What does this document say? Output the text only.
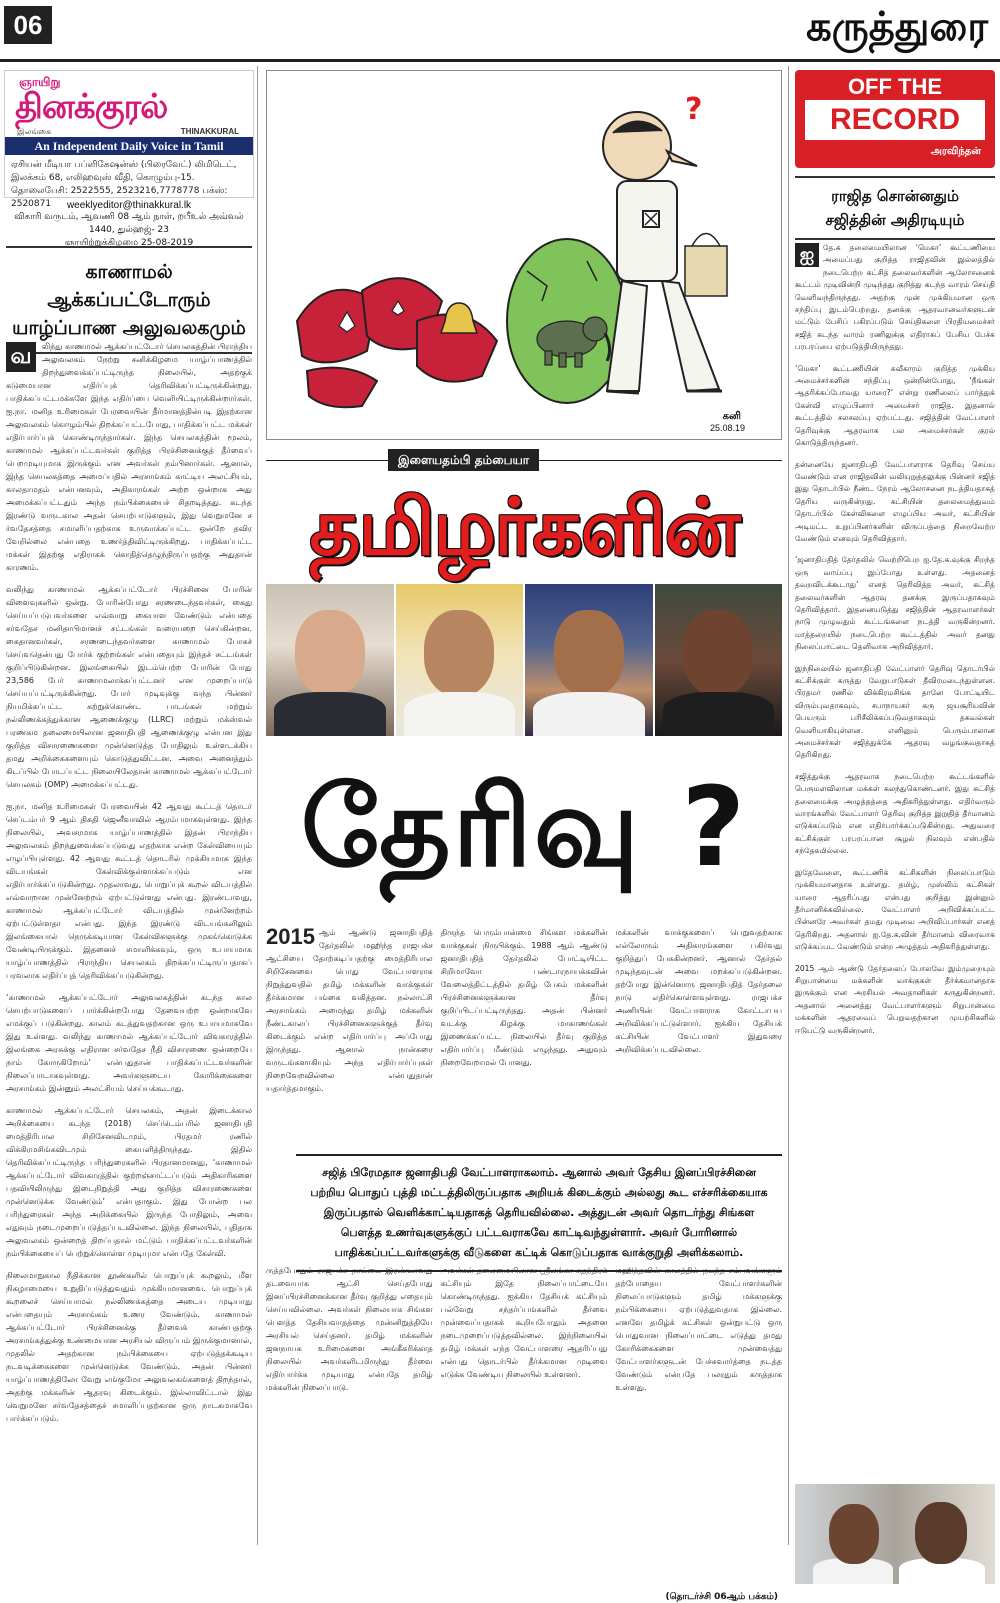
06	கருத்துரை
ஞாயிறு
தினக்குரல்
இலங்கை	THINAKKURAL
An Independent Daily Voice in Tamil
ஏசியன் மீடியா பப்ளிகேஷன்ஸ் (பிரைவேட்) லிமிடெட்,
இலக்கம் 68, எலிஹவுஸ் வீதி, கொழும்பு-15.
தொலைபேசி: 2522555, 2523216,7778778 பக்ஸ்: 2520871	weeklyeditor@thinakkural.lk
விகாரி வருடம், ஆவணி 08 ஆம் நாள், றபீஉல் அவ்வல் 1440, துல்ஹஜ்- 23
ஞாயிற்றுக்கிழமை 25-08-2019
காணாமல் ஆக்கப்பட்டோரும்
யாழ்ப்பாண அலுவலகமும்
வ	லிந்து காணாமல் ஆக்கப்பட்டோர் செயலகத்தின் பிராந்திய அலுவலகம் நேற்று சனிக்கிழமை யாழ்ப்பாணத்தில் திறந்துவைக்கப்பட்டிருந்த நிலையில், அதற்குக் கடுமையான எதிர்ப்புக் தெரிவிக்கப்பட்டிருக்கின்றது. பாதிக்கப்பட்டமக்களே இந்த எதிர்ப்பை வெளியிட்டிருக்கின்றார்கள். ஐ.நா. மனித உரிமைகள் பேரவையின் தீர்மானத்தின்படி இதற்கான அலுவலகம் கொழும்பில் திறக்கப்பட்டபோது, பாதிக்கப்பட்ட மக்கள் எதிர்பார்ப்புக் கொண்டிருந்தார்கள். இந்த செயலகத்தின் மூலம், காணாமல் ஆக்கப்பட்டவர்கள் குறித்த பிரச்சினைக்குத் தீர்வைப் பெறமுடியுமாக இருக்கும் என அவர்கள் நம்பினார்கள். ஆனால், இந்த செயலகத்தை அமைப்பதில் அரசாங்கம் காட்டிய அலட்சியம், காலதாமதம் என்பனவும், அதிகாரங்கள் அற்ற ஒன்றாக அது அமைக்கப்பட்டதும் அந்த நம்பிக்கையைச் சிதறடித்தது. கடந்த இரண்டு வருடகால அதன் செயற்பாடுகளும், இது வெறுமனே ச ர்வதேசத்தை சமாளிப்பதற்காக உருவாக்கப்பட்ட ஒன்றே தவிர வேறில்லை என்பதை உணர்த்திவிட்டிருக்கிறது. பாதிக்கப்பட்ட மக்கள் இதற்கு எதிராகக் கொதித்தெழுந்திருப்பதற்கு அதுதான் காரணம்.

வலிந்து காணாமல் ஆக்கப்பட்டோர் பிரச்சினை போரின் விளைவுகளில் ஒன்று. போரின்போது சரணடைந்தவர்கள், கைது செய்யப்படுபவர்களை எவ்வாறு கையாள வேண்டும் என்பதை சர்வதேச மனிதாபிமானச் சட்டங்கள் வரையறை செய்கின்றன. கைதானவர்கள், சரணடைந்தவர்களை காணாமல் போகச் செய்வதென்பது போர்க் குற்றங்கள் என்பதையும் இந்தச் சட்டங்கள் குறிப்பிடுகின்றன. இலங்கையில் இடம்பெற்ற போரின் போது 23,586 பேர் காணாமலாக்கப்பட்டனர் என முறைப்பாடு செய்யப்பட்டிருக்கின்றது. போர் முடிவுக்கு வந்த பின்னர் நியமிக்கப்பட்ட கற்றுக்கொண்ட பாடங்கள் மற்றும் நல்லிணக்கத்துக்கான ஆணைக்குழு (LLRC) மற்றும் மக்ஸ்வல் பரணகம தலைமையிலான ஜனாதிபதி ஆணைக்குழு என்பன இது குறித்த விசாரணைகளை முன்னெடுத்த போதிலும் உள்ளடக்கிய தமது அறிக்கைகளையும் கொடுத்துவிட்டன. அவை அனைத்தும் கிடப்பில் போடப்பட்ட நிலையிலேதான் காணாமல் ஆக்கப்பட்டோர் செயலகம் (OMP) அமைக்கப்பட்டது.

ஐ.நா. மனித உரிமைகள் பேரவையின் 42 ஆவது கூட்டத் தொடர் செப்டம்பர் 9 ஆம் திகதி ஜெனீவாவில் ஆரம்பமாகவுள்ளது. இந்த நிலையில், அவசரமாக யாழ்ப்பாணத்தில் இதன் பிராந்திய அலுவலகம் திறந்துவைக்கப்படுவது எதற்காக என்ற கேள்வியையும் எழுப்பியுள்ளது. 42 ஆவது கூட்டத் தொடரில் முக்கியமாக இந்த விடயங்கள் கேள்விக்குள்ளாக்கப்படும் என எதிர்பார்க்கப்படுகின்றது. முதலாவது, பொறுப்புக் கூறல் விடயத்தில் எவ்வாறான முன்னேற்றம் ஏற்பட்டுள்ளது என்பது. இரண்டாவது, காணாமல் ஆக்கப்பட்டோர் விடயத்தில் முன்னேற்றம் ஏற்பட்டுள்ளதா என்பது. இந்த இரண்டு விடயங்களிலும் இலங்கையால் நெருக்கடியான கேள்விகளுக்கு முகங்கொடுக்க வேண்டியிருக்கும். இதனைச் சமாளிக்கவும், ஒரு உபாயமாக யாழ்ப்பாணத்தில் பிராந்திய செயலகம் திறக்கப்பட்டிருப்பதாகப் பரவலாக எதிர்ப்புத் தெரிவிக்கப்படுகின்றது.

‘காணாமல் ஆக்கப்பட்டோர் அலுவலகத்தின் கடந்த கால செயற்பாடுகளைப் பார்க்கின்றபோது தேவையற்ற ஒன்றாகவே எமக்குப் படுகின்றது. காலம் கடத்துவதற்கான ஒரு உபாயமாகவே இது உள்ளது. வலிந்து காணாமல் ஆக்கப்பட்டோர் விவகாரத்தில் இலங்கை அரசுக்கு எதிரான சர்வதேச நீதி விசாரணை ஒன்றையே நாம் கோருகிறோம்’ என்பதுதான் பாதிக்கப்பட்டவர்களின் நிலைப்பாடாகவுள்ளது. அவர்களுடைய கோரிக்கைகளை அரசாங்கம் இன்னும் அலட்சியம் செய்யக்கூடாது.

காணாமல் ஆக்கப்பட்டோர் செயலகம், அதன் இடைக்கால அறிக்கையை கடந்த (2018) செப்டெம்பரில் ஜனாதிபதி மைத்திரிபால சிறிசேனவிடமும், பிரதமர் ரணில் விக்கிரமசிங்கவிடமும் கையளித்திருந்தது. இதில் தெரிவிக்கப்பட்டிருந்த பரிந்துரைகளில் பிரதானமானது, ‘காணாமல் ஆக்கப்பட்டோர் விவகாரத்தில் குற்றஞ்சாட்டப்படும் அதிகாரிகளை பதவியிலிருந்து இடைநிறுத்தி அது குறித்த விசாரணைகளை முன்னெடுக்க வேண்டும்’ என்பதாகும். இது போன்ற பல பரிந்துரைகள் அந்த அறிக்கையில் இருந்த போதிலும், அவை எதுவும் நடைமுறைப்படுத்தப்படவில்லை. இந்த நிலையில், புதிதாக அலுவலகம் ஒன்றைத் திறப்பதால் மட்டும் பாதிக்கப்பட்டவர்களின் நம்பிக்கையைப் பெற்றுக்கொள்ள முடியுமா என்பதே கேள்வி.

நிலைமாறுகால நீதிக்கான தூண்களில் பொறுப்புக் கூறலும், மீள நிகழாமையை உறுதிப்படுத்துவதும் முக்கியமானவை. பொறுப்புக் கூறலைச் செய்யாமல் நல்லிணக்கத்தை அடைய முடியாது என்பதையும் அரசாங்கம் உணர வேண்டும். காணாமல் ஆக்கப்பட்டோர் பிரச்சினைக்கு தீர்வைக் காண்பதற்கு அரசாங்கத்துக்கு உண்மையான அரசியல் விருப்பம் இருக்குமானால், முதலில் அதற்கான நம்பிக்கையை ஏற்படுத்தக்கூடிய நடவடிக்கைகளை முன்னெடுக்க வேண்டும். அதன் பின்னர் யாழ்ப்பாணத்திலோ வேறு எங்குமோ அலுவலகங்களைத் திறந்தால், அதற்கு மக்களின் ஆதரவு கிடைக்கும். இல்லாவிட்டால் இது வெறுமனே சர்வதேசத்தைச் சமாளிப்பதற்கான ஒரு நாடகமாகவே பார்க்கப்படும்.

?
கனி
25.08.19
இளையதம்பி தம்பையா
தமிழர்களின்
தேரிவு ?
2015 ஆம் ஆண்டு ஜனாதிபதித் தேர்தலில் மஹிந்த ராஜபக்ச ஆட்சியை தோற்கடிப்பதற்கு மைத்திரிபால சிறிசேனவை பொது வேட்பாளராக நிறுத்துவதில் தமிழ் மக்களின் வாக்குகள் தீர்க்கமான பங்கை வகித்தன. நல்லாட்சி அரசாங்கம் அமைந்து தமிழ் மக்களின் நீண்டகாலப் பிரச்சினைகளுக்குத் தீர்வு கிடைக்கும் என்ற எதிர்பார்ப்பு அப்போது இருந்தது. ஆனால் நான்கரை வருடங்களாகியும் அந்த எதிர்பார்ப்புகள் நிறைவேறவில்லை என்பதுதான் யதார்த்தமாகும்.
திருந்த பெரும்பான்மை சிங்கள மக்களின் வாக்குகள் நிருபிக்கும். 1988 ஆம் ஆண்டு ஜனாதிபதித் தேர்தலில் போட்டியிட்ட சிறிமாவோ பண்டாரநாயக்கவின் வேலைத்திட்டத்தில் தமிழ் பேசும் மக்களின் பிரச்சினைகளுக்கான தீர்வு குறிப்பிடப்பட்டிருந்தது. அதன் பின்னர் வடக்கு கிழக்கு மாகாணங்கள் இணைக்கப்பட்ட நிலையில் தீர்வு குறித்த எதிர்பார்ப்பு மீண்டும் எழுந்தது. அதுவும் நிறைவேறாமல் போனது.
மக்களின் வாக்குகளைப் பெறுவதற்காக எல்லோரும் அதிகாரங்களை பகிர்வது குறித்துப் பேசுகின்றனர். ஆனால் தேர்தல் முடிந்தவுடன் அவை மறக்கப்படுகின்றன. தற்போது இன்னொரு ஜனாதிபதித் தேர்தலை நாடு எதிர்கொள்ளவுள்ளது. ராஜபக்ச அணியின் வேட்பாளராக கோட்டாபய அறிவிக்கப்பட்டுள்ளார். ஐக்கிய தேசியக் கட்சியின் வேட்பாளர் இதுவரை அறிவிக்கப்படவில்லை.
சஜித் பிரேமதாச ஜனாதிபதி வேட்பாளராகலாம். ஆனால் அவர் தேசிய இனப்பிரச்சினை பற்றிய பொதுப் புத்தி மட்டத்திலிருப்பதாக அறியக் கிடைக்கும் அல்லது கூட எச்சரிக்கையாக இருப்பதால் வெளிக்காட்டியதாகத் தெரியவில்லை. அத்துடன் அவர் தொடர்ந்து சிங்கள பௌத்த உணர்வுகளுக்குப் பட்டவராகவே காட்டிவந்துள்ளார். அவர் போரினால் பாதிக்கப்பட்டவர்களுக்கு வீடுகளை கட்டிக் கொடுப்பதாக வாக்குறுதி அளிக்கலாம்.
ருத்தபோதும் ராஜபக்ச நாட்டை இரண்டாவது தடவையாக ஆட்சி செய்தபோது இனப்பிரச்சினைக்கான தீர்வு குறித்து எதையும் செய்யவில்லை. அவர்கள் நிலையாக சிங்கள பௌத்த தேசியவாதத்தை முன்னிறுத்தியே அரசியல் செய்தனர். தமிழ் மக்களின் ஜனநாயக உரிமைகளை அங்கீகரிக்காத நிலையில் அவர்களிடமிருந்து தீர்வை எதிர்பார்க்க முடியாது என்பதே தமிழ் மக்களின் நிலைப்பாடு.
அவர்கள் தலைமையிலான ஸ்ரீலங்கா சுதந்திரக் கட்சியும் இதே நிலைப்பாட்டையே கொண்டிருந்தது. ஐக்கிய தேசியக் கட்சியும் பல்வேறு சந்தர்ப்பங்களில் தீர்வை முன்வைப்பதாகக் கூறியபோதும் அதனை நடைமுறைப்படுத்தவில்லை. இந்நிலையில் தமிழ் மக்கள் எந்த வேட்பாளரை ஆதரிப்பது என்பது தொடர்பில் தீர்க்கமான முடிவை எடுக்க வேண்டிய நிலையில் உள்ளனர்.
மஹிந்தவின் காலத்தில் நடந்த சம்பவங்களும் தற்போதைய வேட்பாளர்களின் நிலைப்பாடுகளும் தமிழ் மக்களுக்கு நம்பிக்கையை ஏற்படுத்துவதாக இல்லை. எனவே தமிழ்க் கட்சிகள் ஒன்றுபட்டு ஒரு பொதுவான நிலைப்பாட்டை எடுத்து தமது கோரிக்கைகளை முன்வைத்து வேட்பாளர்களுடன் பேச்சுவார்த்தை நடத்த வேண்டும் என்பதே பலரதும் கருத்தாக உள்ளது.
(தொடர்ச்சி 06ஆம் பக்கம்)
OFF THE
RECORD
அரவிந்தன்
ராஜித சொன்னதும்
சஜித்தின் அதிரடியும்
ஐ	தே.க தலைமையிலான ‘மெகா’ கூட்டணியை அமைப்பது குறித்த ராஜிதவின் இல்லத்தில் நடைபெற்ற கட்சித் தலைவர்களின் ஆலோசனைக் கூட்டம் முடிவின்றி முடிந்தது குறித்து கடந்த வாரம் செய்தி வெளிவந்திருந்தது. அதற்கு முன் முக்கியமான ஒரு சந்திப்பு இடம்பெற்றது. தனக்கு ஆதரவானவர்களுடன் மட்டும் பேசிப் பகிரப்படும் செய்திகளை பிரதியமைச்சர் சஜித் கடந்த வாரம் ரணிலுக்கு எதிராகப் பேசிய பேச்சு பரபரப்பை ஏற்படுத்தியிருந்தது.

‘மெகா’ கூட்டணியின் சுவீகாரம் குறித்த முக்கிய அமைச்சர்களின் சந்திப்பு ஒன்றின்போது, ‘நீங்கள் ஆதரிக்கப்போவது யாரை?’ என்று ரணிலைப் பார்த்துக் கேள்வி எழுப்பினார் அமைச்சர் ராஜித. இதனால் கூட்டத்தில் சலசலப்பு ஏற்பட்டது. சஜித்தின் வேட்பாளர் தெரிவுக்கு ஆதரவாக பல அமைச்சர்கள் குரல் கொடுத்திருந்தனர்.

தன்னையே ஜனாதிபதி வேட்பாளராக தெரிவு செய்ய வேண்டும் என ராஜிதவின் வலியுறுத்தலுக்கு பின்னர் சஜித் இது தொடர்பில் நீண்ட நேரம் ஆலோசனை நடத்தியதாகத் தெரிய வருகின்றது. கட்சியின் தலைமைத்துவம் தொடர்பில் கேள்விகளை எழுப்பிய அவர், கட்சியின் அடிமட்ட உறுப்பினர்களின் விருப்பத்தை நிறைவேற்ற வேண்டும் எனவும் தெரிவித்தார்.

‘ஜனாதிபதித் தேர்தலில் வெற்றிபெற ஐ.தே.க.வுக்கு சிறந்த ஒரு வாய்ப்பு இப்போது உள்ளது. அதனைத் தவறவிடக்கூடாது’ எனத் தெரிவித்த அவர், கட்சித் தலைவர்களின் ஆதரவு தனக்கு இருப்பதாகவும் தெரிவித்தார். இதனையடுத்து சஜித்தின் ஆதரவாளர்கள் நாடு முழுவதும் கூட்டங்களை நடத்தி வருகின்றனர். மாத்தறையில் நடைபெற்ற கூட்டத்தில் அவர் தனது நிலைப்பாட்டை தெளிவாக அறிவித்தார்.

இந்நிலையில் ஜனாதிபதி வேட்பாளர் தெரிவு தொடர்பில் கட்சிக்குள் கருத்து வேறுபாடுகள் தீவிரமடைந்துள்ளன. பிரதமர் ரணில் விக்கிரமசிங்க தானே போட்டியிட விரும்புவதாகவும், சபாநாயகர் கரு ஜயசூரியவின் பெயரும் பரிசீலிக்கப்படுவதாகவும் தகவல்கள் வெளியாகியுள்ளன. எனினும் பெரும்பாலான அமைச்சர்கள் சஜித்துக்கே ஆதரவு வழங்குவதாகத் தெரிகிறது.

சஜித்துக்கு ஆதரவாக நடைபெற்ற கூட்டங்களில் பெருமளவிலான மக்கள் கலந்துகொண்டனர். இது கட்சித் தலைமைக்கு அழுத்தத்தை அதிகரித்துள்ளது. எதிர்வரும் வாரங்களில் வேட்பாளர் தெரிவு குறித்த இறுதித் தீர்மானம் எடுக்கப்படும் என எதிர்பார்க்கப்படுகின்றது. அதுவரை கட்சிக்குள் பரபரப்பான சூழல் நிலவும் என்பதில் சந்தேகமில்லை.

இதேவேளை, கூட்டணிக் கட்சிகளின் நிலைப்பாடும் முக்கியமானதாக உள்ளது. தமிழ், முஸ்லிம் கட்சிகள் யாரை ஆதரிப்பது என்பது குறித்து இன்னும் தீர்மானிக்கவில்லை. வேட்பாளர் அறிவிக்கப்பட்ட பின்னரே அவர்கள் தமது முடிவை அறிவிப்பார்கள் எனத் தெரிகிறது. அதனால் ஐ.தே.க.வின் தீர்மானம் விரைவாக எடுக்கப்பட வேண்டும் என்ற அழுத்தம் அதிகரித்துள்ளது.

2015 ஆம் ஆண்டு தேர்தலைப் போலவே இம்முறையும் சிறுபான்மை மக்களின் வாக்குகள் தீர்க்கமானதாக இருக்கும் என அரசியல் அவதானிகள் கருதுகின்றனர். அதனால் அனைத்து வேட்பாளர்களும் சிறுபான்மை மக்களின் ஆதரவைப் பெறுவதற்கான முயற்சிகளில் ஈடுபட்டு வருகின்றனர்.
